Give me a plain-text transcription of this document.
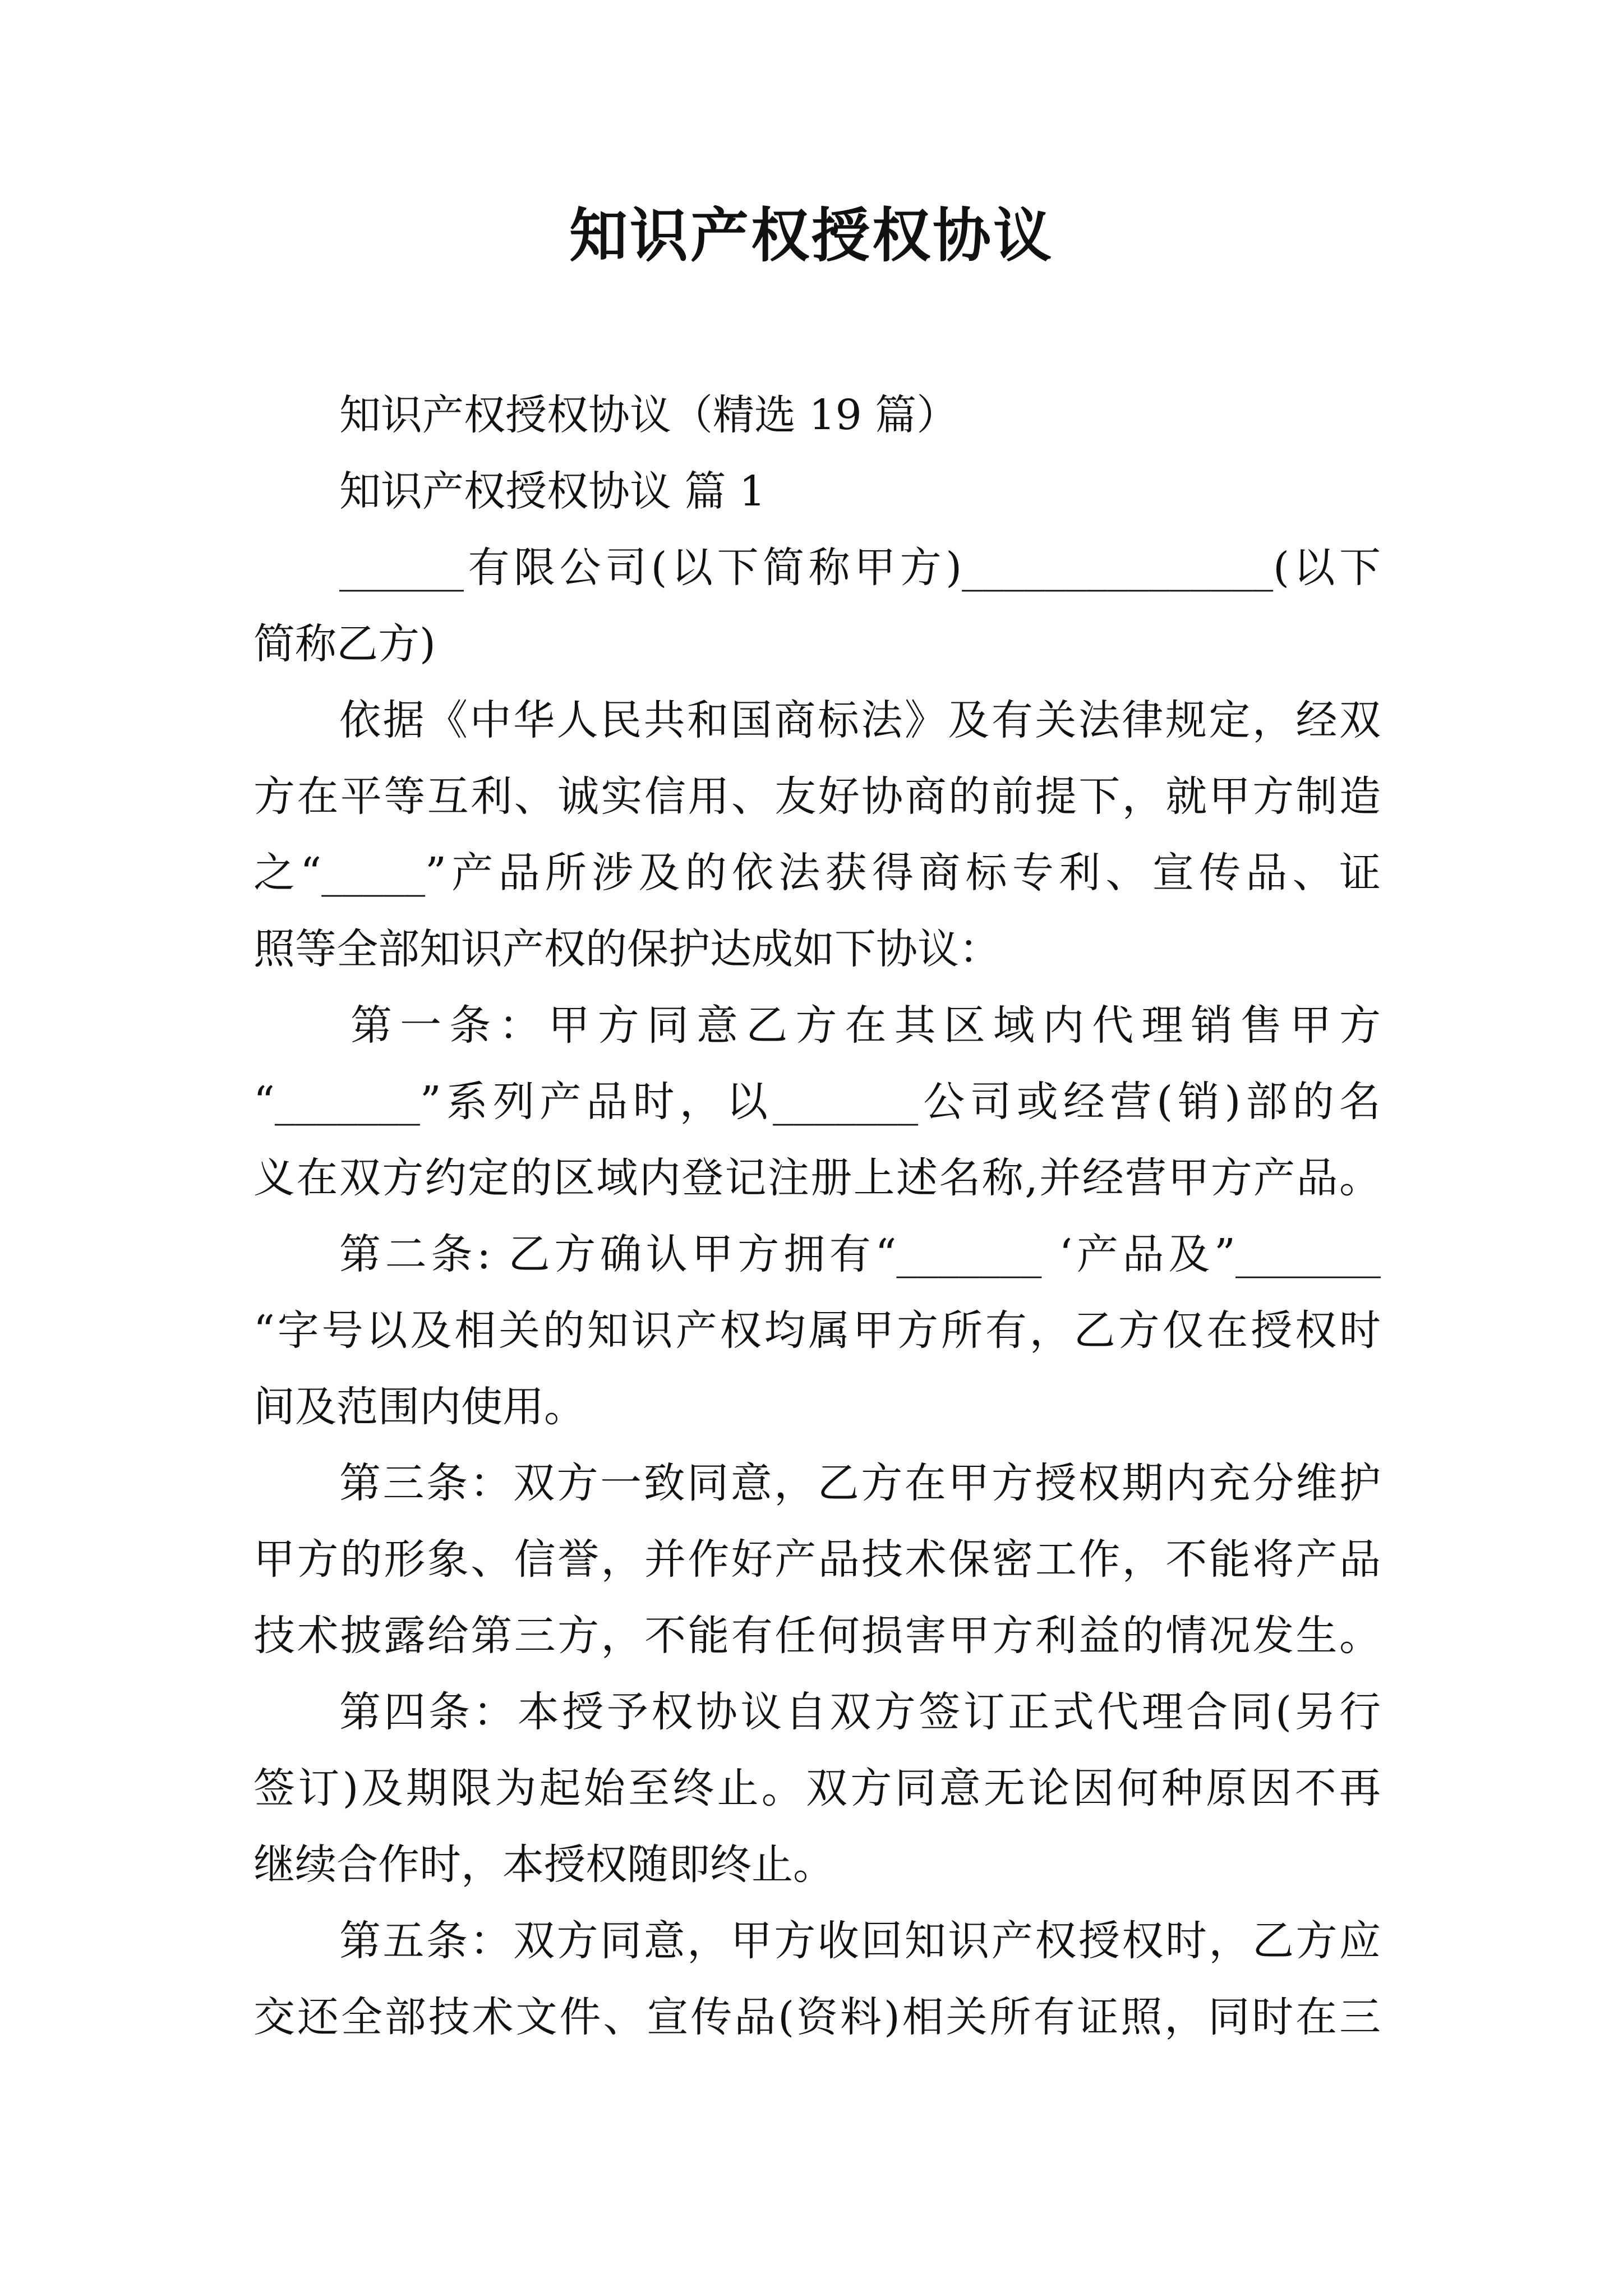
知识产权授权协议
知识产权授权协议（精选 19 篇）
知识产权授权协议 篇 1
______有限公司(以下简称甲方)_______________(以下
简称乙方)
依据《中华人民共和国商标法》及有关法律规定，经双
方在平等互利、诚实信用、友好协商的前提下，就甲方制造
之“_____”产品所涉及的依法获得商标专利、宣传品、证
照等全部知识产权的保护达成如下协议：
第一条：甲方同意乙方在其区域内代理销售甲方
“_______”系列产品时，以_______公司或经营(销)部的名
义在双方约定的区域内登记注册上述名称,并经营甲方产品。
第二条: 乙方确认甲方拥有“_______ ‘产品及”_______
“字号以及相关的知识产权均属甲方所有，乙方仅在授权时
间及范围内使用。
第三条：双方一致同意，乙方在甲方授权期内充分维护
甲方的形象、信誉，并作好产品技术保密工作，不能将产品
技术披露给第三方，不能有任何损害甲方利益的情况发生。
第四条：本授予权协议自双方签订正式代理合同(另行
签订)及期限为起始至终止。双方同意无论因何种原因不再
继续合作时，本授权随即终止。
第五条：双方同意，甲方收回知识产权授权时，乙方应
交还全部技术文件、宣传品(资料)相关所有证照，同时在三
